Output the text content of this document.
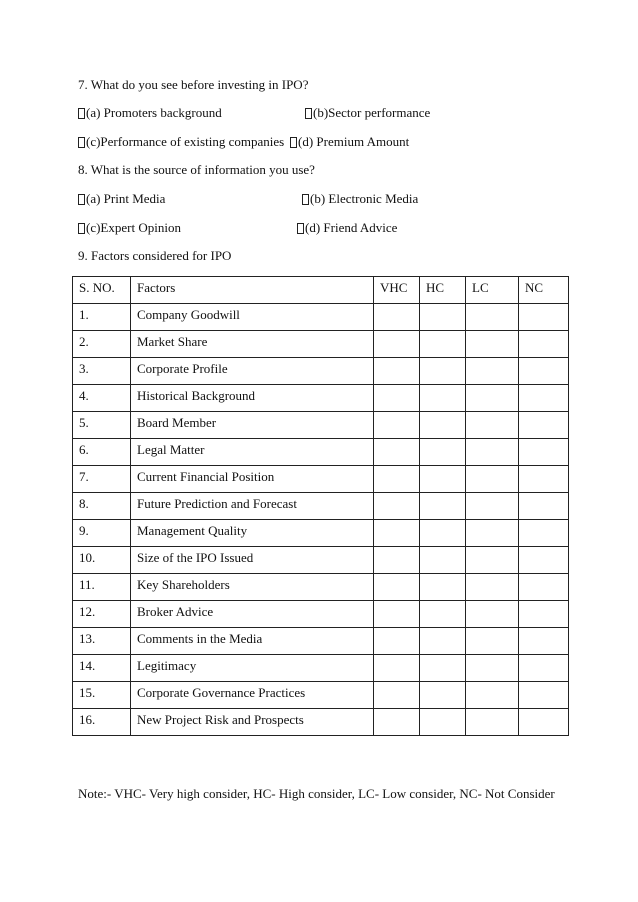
7. What do you see before investing in IPO?
(a) Promoters background	(b)Sector performance
(c)Performance of existing companies (d) Premium Amount
8. What is the source of information you use?
(a) Print Media	(b) Electronic Media
(c)Expert Opinion	(d) Friend Advice
9. Factors considered for IPO
S. NO.	Factors	VHC	HC	LC	NC
1.	Company Goodwill				
2.	Market Share				
3.	Corporate Profile				
4.	Historical Background				
5.	Board Member				
6.	Legal Matter				
7.	Current Financial Position				
8.	Future Prediction and Forecast				
9.	Management Quality				
10.	Size of the IPO Issued				
11.	Key Shareholders				
12.	Broker Advice				
13.	Comments in the Media				
14.	Legitimacy				
15.	Corporate Governance Practices				
16.	New Project Risk and Prospects				
Note:- VHC- Very high consider, HC- High consider, LC- Low consider, NC- Not Consider
